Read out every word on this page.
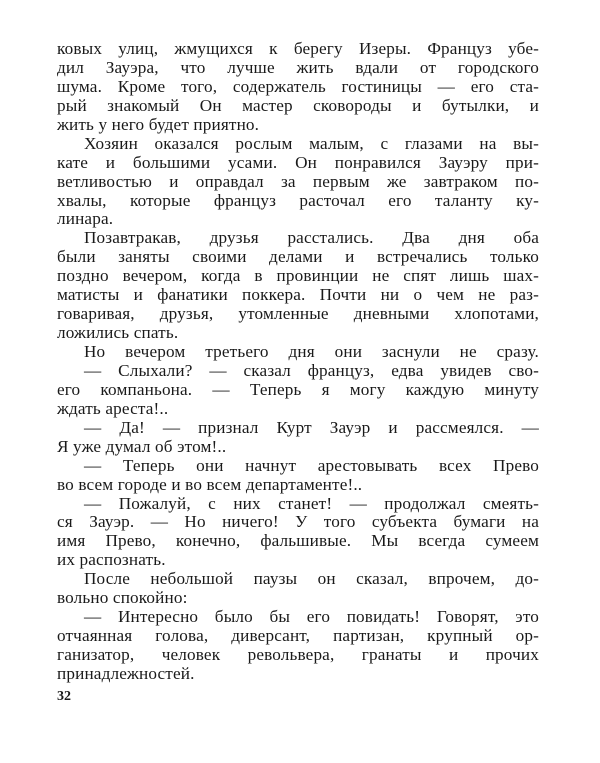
ковых улиц, жмущихся к берегу Изеры. Француз убе-
дил Зауэра, что лучше жить вдали от городского
шума. Кроме того, содержатель гостиницы — его ста-
рый знакомый Он мастер сковороды и бутылки, и
жить у него будет приятно.
Хозяин оказался рослым малым, с глазами на вы-
кате и большими усами. Он понравился Зауэру при-
ветливостью и оправдал за первым же завтраком по-
хвалы, которые француз расточал его таланту ку-
линара.
Позавтракав, друзья расстались. Два дня оба
были заняты своими делами и встречались только
поздно вечером, когда в провинции не спят лишь шах-
матисты и фанатики поккера. Почти ни о чем не раз-
говаривая, друзья, утомленные дневными хлопотами,
ложились спать.
Но вечером третьего дня они заснули не сразу.
— Слыхали? — сказал француз, едва увидев сво-
его компаньона. — Теперь я могу каждую минуту
ждать ареста!..
— Да! — признал Курт Зауэр и рассмеялся. —
Я уже думал об этом!..
— Теперь они начнут арестовывать всех Прево
во всем городе и во всем департаменте!..
— Пожалуй, с них станет! — продолжал смеять-
ся Зауэр. — Но ничего! У того субъекта бумаги на
имя Прево, конечно, фальшивые. Мы всегда сумеем
их распознать.
После небольшой паузы он сказал, впрочем, до-
вольно спокойно:
— Интересно было бы его повидать! Говорят, это
отчаянная голова, диверсант, партизан, крупный ор-
ганизатор, человек револьвера, гранаты и прочих
принадлежностей.
32
